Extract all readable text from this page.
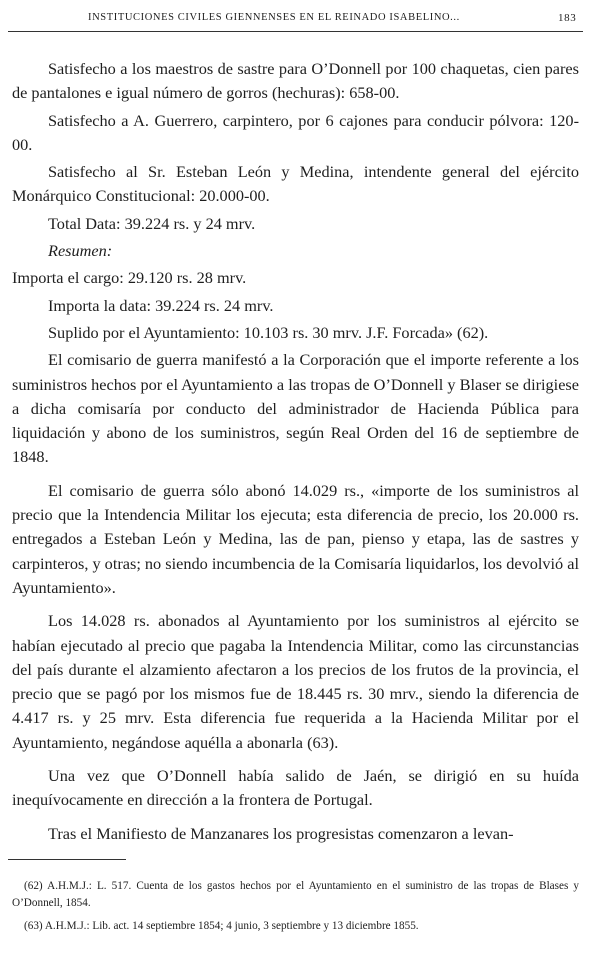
INSTITUCIONES CIVILES GIENNENSES EN EL REINADO ISABELINO...	183

Satisfecho a los maestros de sastre para O’Donnell por 100 chaquetas, cien pares de pantalones e igual número de gorros (hechuras): 658-00.

Satisfecho a A. Guerrero, carpintero, por 6 cajones para conducir pólvora: 120-00.

Satisfecho al Sr. Esteban León y Medina, intendente general del ejército Monárquico Constitucional: 20.000-00.

Total Data: 39.224 rs. y 24 mrv.

Resumen:

Importa el cargo: 29.120 rs. 28 mrv.

Importa la data: 39.224 rs. 24 mrv.

Suplido por el Ayuntamiento: 10.103 rs. 30 mrv. J.F. Forcada» (62).

El comisario de guerra manifestó a la Corporación que el importe referente a los suministros hechos por el Ayuntamiento a las tropas de O’Donnell y Blaser se dirigiese a dicha comisaría por conducto del administrador de Hacienda Pública para liquidación y abono de los suministros, según Real Orden del 16 de septiembre de 1848.

El comisario de guerra sólo abonó 14.029 rs., «importe de los suministros al precio que la Intendencia Militar los ejecuta; esta diferencia de precio, los 20.000 rs. entregados a Esteban León y Medina, las de pan, pienso y etapa, las de sastres y carpinteros, y otras; no siendo incumbencia de la Comisaría liquidarlos, los devolvió al Ayuntamiento».

Los 14.028 rs. abonados al Ayuntamiento por los suministros al ejército se habían ejecutado al precio que pagaba la Intendencia Militar, como las circunstancias del país durante el alzamiento afectaron a los precios de los frutos de la provincia, el precio que se pagó por los mismos fue de 18.445 rs. 30 mrv., siendo la diferencia de 4.417 rs. y 25 mrv. Esta diferencia fue requerida a la Hacienda Militar por el Ayuntamiento, negándose aquélla a abonarla (63).

Una vez que O’Donnell había salido de Jaén, se dirigió en su huída inequívocamente en dirección a la frontera de Portugal.

Tras el Manifiesto de Manzanares los progresistas comenzaron a levan-

(62) A.H.M.J.: L. 517. Cuenta de los gastos hechos por el Ayuntamiento en el suministro de las tropas de Blases y O’Donnell, 1854.

(63) A.H.M.J.: Lib. act. 14 septiembre 1854; 4 junio, 3 septiembre y 13 diciembre 1855.
